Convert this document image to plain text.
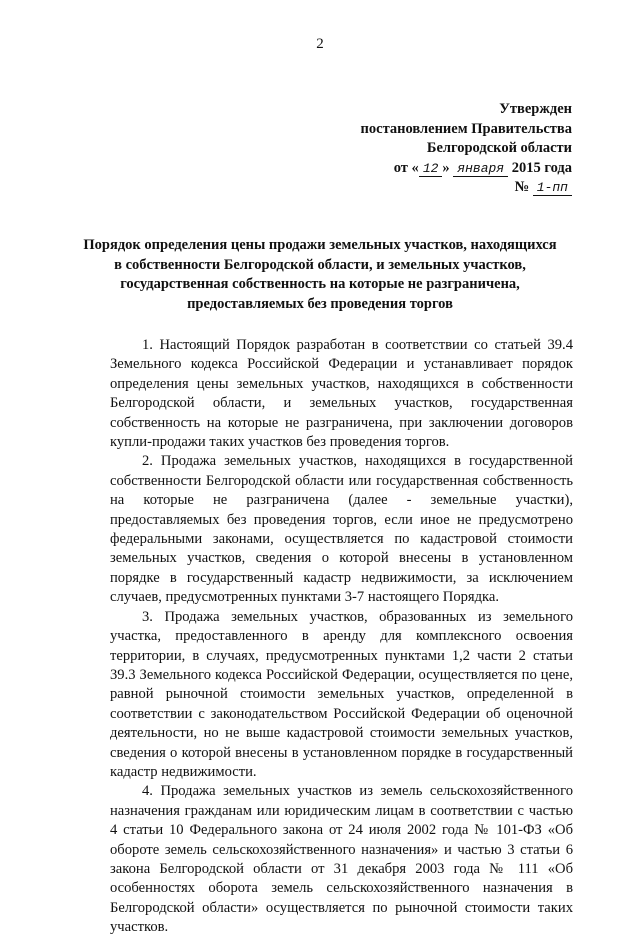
2
Утвержден
постановлением Правительства
Белгородской области
от « 12 » января 2015 года
№ 1-пп
Порядок определения цены продажи земельных участков, находящихся в собственности Белгородской области, и земельных участков, государственная собственность на которые не разграничена, предоставляемых без проведения торгов

1. Настоящий Порядок разработан в соответствии со статьей 39.4 Земельного кодекса Российской Федерации и устанавливает порядок определения цены земельных участков, находящихся в собственности Белгородской области, и земельных участков, государственная собственность на которые не разграничена, при заключении договоров купли-продажи таких участков без проведения торгов.

2. Продажа земельных участков, находящихся в государственной собственности Белгородской области или государственная собственность на которые не разграничена (далее - земельные участки), предоставляемых без проведения торгов, если иное не предусмотрено федеральными законами, осуществляется по кадастровой стоимости земельных участков, сведения о которой внесены в установленном порядке в государственный кадастр недвижимости, за исключением случаев, предусмотренных пунктами 3-7 настоящего Порядка.

3. Продажа земельных участков, образованных из земельного участка, предоставленного в аренду для комплексного освоения территории, в случаях, предусмотренных пунктами 1,2 части 2 статьи 39.3 Земельного кодекса Российской Федерации, осуществляется по цене, равной рыночной стоимости земельных участков, определенной в соответствии с законодательством Российской Федерации об оценочной деятельности, но не выше кадастровой стоимости земельных участков, сведения о которой внесены в установленном порядке в государственный кадастр недвижимости.

4. Продажа земельных участков из земель сельскохозяйственного назначения гражданам или юридическим лицам в соответствии с частью 4 статьи 10 Федерального закона от 24 июля 2002 года № 101-ФЗ «Об обороте земель сельскохозяйственного назначения» и частью 3 статьи 6 закона Белгородской области от 31 декабря 2003 года № 111 «Об особенностях оборота земель сельскохозяйственного назначения в Белгородской области» осуществляется по рыночной стоимости таких участков.
